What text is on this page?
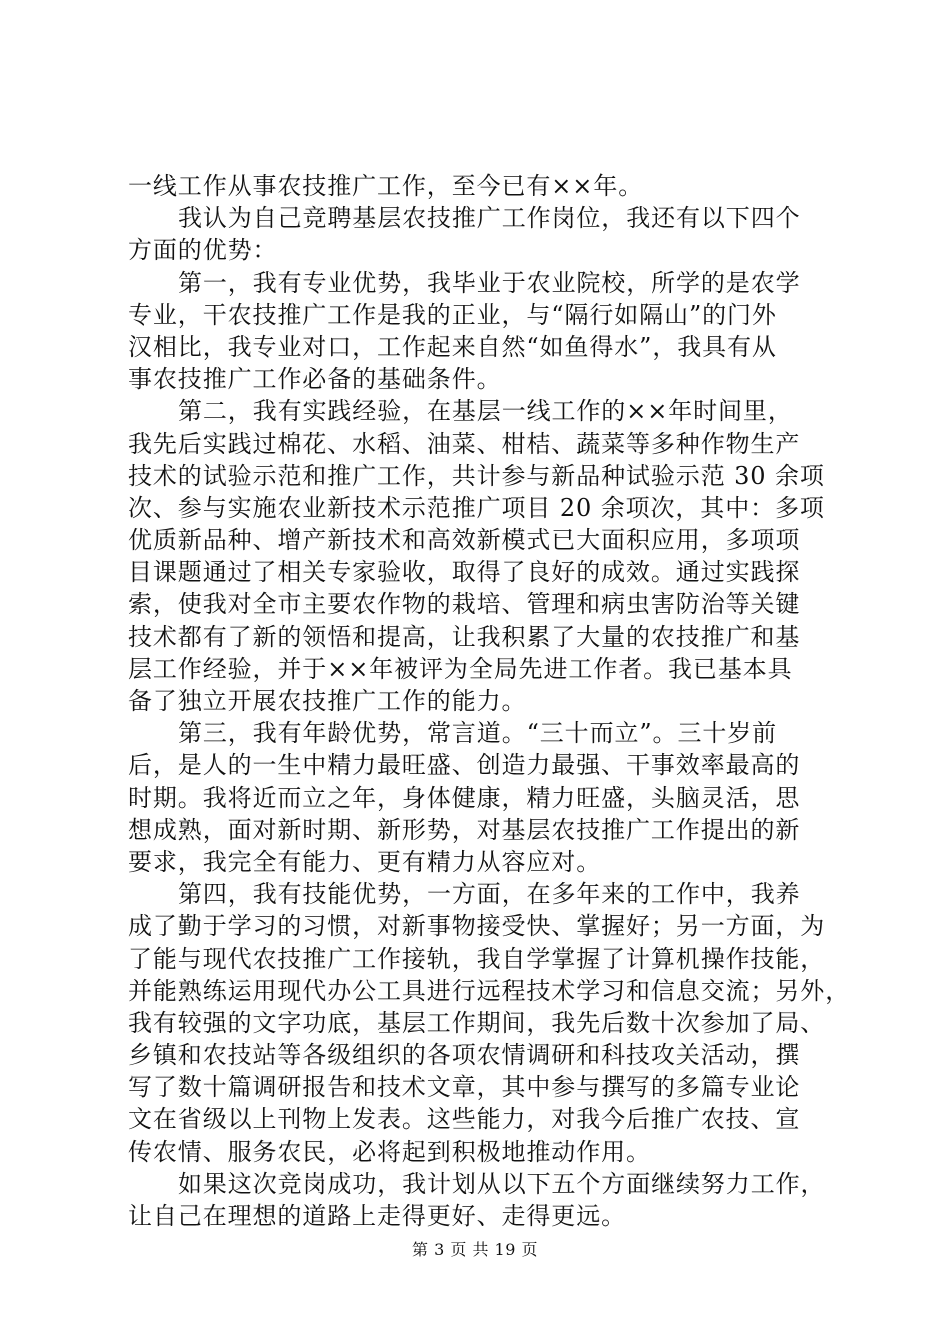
一线工作从事农技推广工作，至今已有××年。
我认为自己竞聘基层农技推广工作岗位，我还有以下四个
方面的优势：
第一，我有专业优势，我毕业于农业院校，所学的是农学
专业，干农技推广工作是我的正业，与“隔行如隔山”的门外
汉相比，我专业对口，工作起来自然“如鱼得水”，我具有从
事农技推广工作必备的基础条件。
第二，我有实践经验，在基层一线工作的××年时间里，
我先后实践过棉花、水稻、油菜、柑桔、蔬菜等多种作物生产
技术的试验示范和推广工作，共计参与新品种试验示范 30 余项
次、参与实施农业新技术示范推广项目 20 余项次，其中：多项
优质新品种、增产新技术和高效新模式已大面积应用，多项项
目课题通过了相关专家验收，取得了良好的成效。通过实践探
索，使我对全市主要农作物的栽培、管理和病虫害防治等关键
技术都有了新的领悟和提高，让我积累了大量的农技推广和基
层工作经验，并于××年被评为全局先进工作者。我已基本具
备了独立开展农技推广工作的能力。
第三，我有年龄优势，常言道。“三十而立”。三十岁前
后，是人的一生中精力最旺盛、创造力最强、干事效率最高的
时期。我将近而立之年，身体健康，精力旺盛，头脑灵活，思
想成熟，面对新时期、新形势，对基层农技推广工作提出的新
要求，我完全有能力、更有精力从容应对。
第四，我有技能优势，一方面，在多年来的工作中，我养
成了勤于学习的习惯，对新事物接受快、掌握好；另一方面，为
了能与现代农技推广工作接轨，我自学掌握了计算机操作技能，
并能熟练运用现代办公工具进行远程技术学习和信息交流；另外，
我有较强的文字功底，基层工作期间，我先后数十次参加了局、
乡镇和农技站等各级组织的各项农情调研和科技攻关活动，撰
写了数十篇调研报告和技术文章，其中参与撰写的多篇专业论
文在省级以上刊物上发表。这些能力，对我今后推广农技、宣
传农情、服务农民，必将起到积极地推动作用。
如果这次竞岗成功，我计划从以下五个方面继续努力工作，
让自己在理想的道路上走得更好、走得更远。
第 3 页 共 19 页
